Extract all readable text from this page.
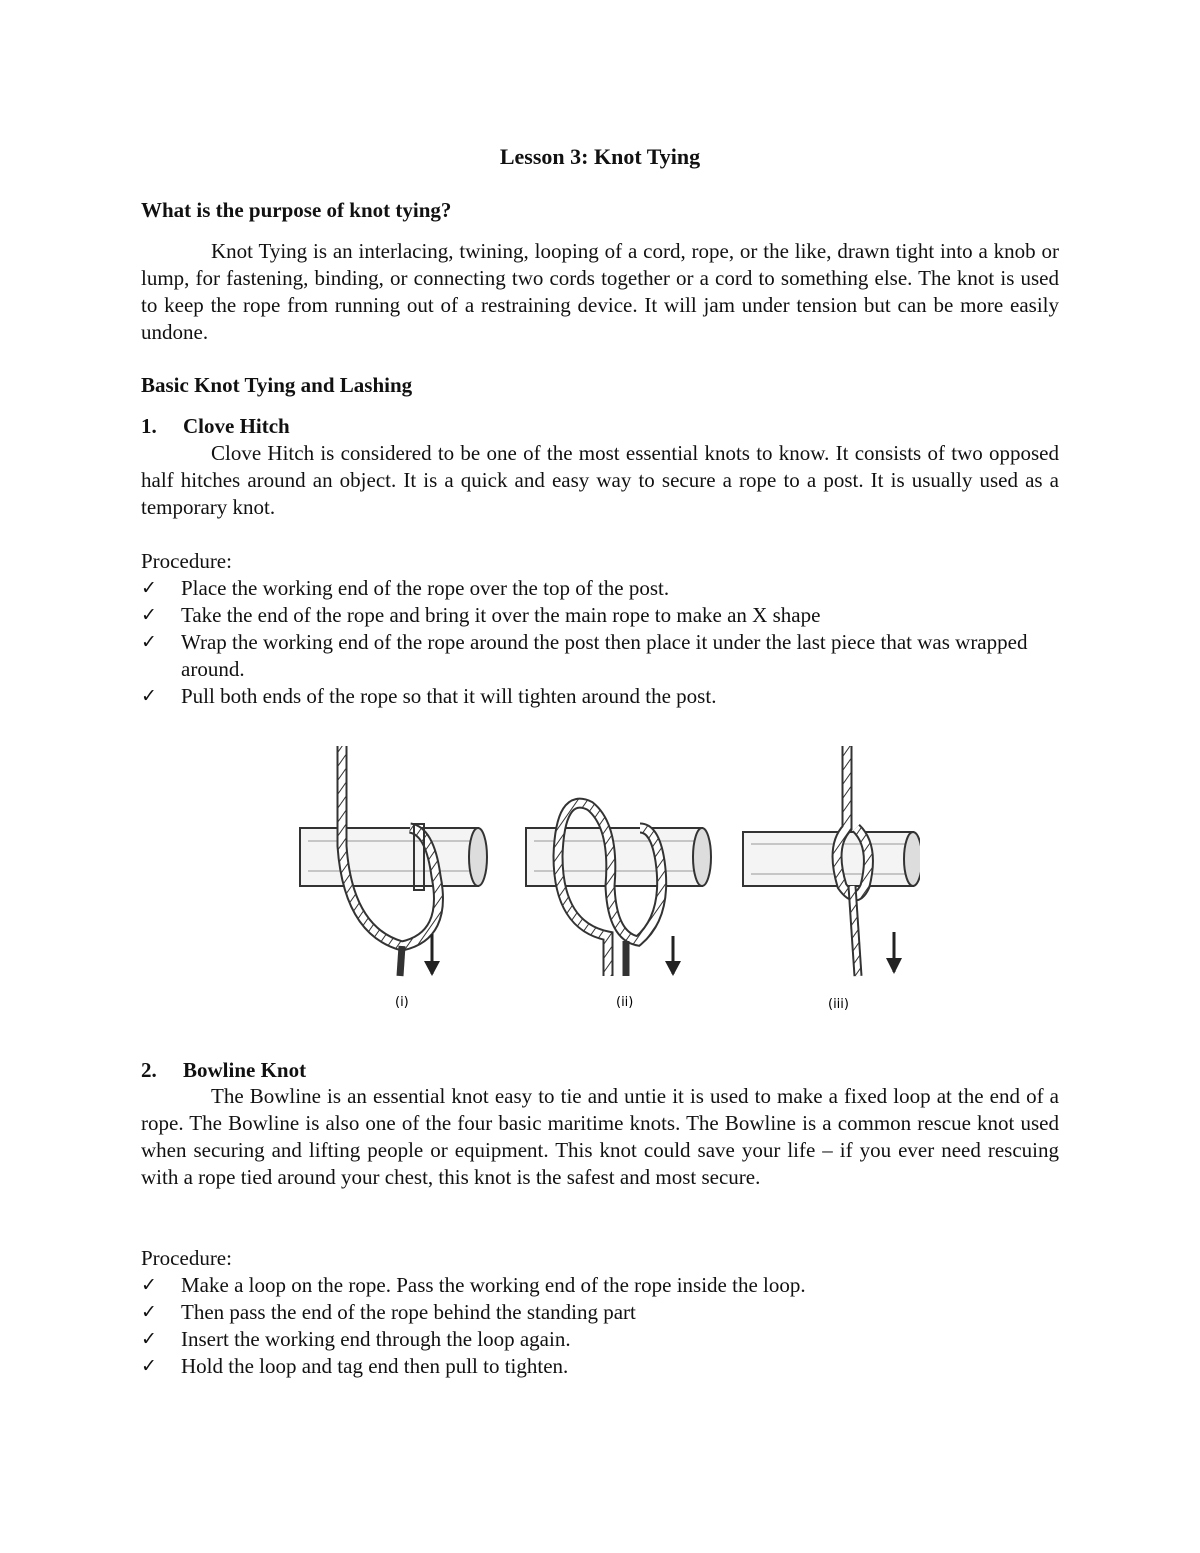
Lesson 3: Knot Tying
What is the purpose of knot tying?
Knot Tying is an interlacing, twining, looping of a cord, rope, or the like, drawn tight into a knob or lump, for fastening, binding, or connecting two cords together or a cord to something else. The knot is used to keep the rope from running out of a restraining device. It will jam under tension but can be more easily undone.
Basic Knot Tying and Lashing
1. Clove Hitch
Clove Hitch is considered to be one of the most essential knots to know. It consists of two opposed half hitches around an object. It is a quick and easy way to secure a rope to a post. It is usually used as a temporary knot.
Procedure:
✓ Place the working end of the rope over the top of the post.
✓ Take the end of the rope and bring it over the main rope to make an X shape
✓ Wrap the working end of the rope around the post then place it under the last piece that was wrapped around.
✓ Pull both ends of the rope so that it will tighten around the post.
(i)	(ii)	(iii)
2. Bowline Knot
The Bowline is an essential knot easy to tie and untie it is used to make a fixed loop at the end of a rope. The Bowline is also one of the four basic maritime knots. The Bowline is a common rescue knot used when securing and lifting people or equipment. This knot could save your life – if you ever need rescuing with a rope tied around your chest, this knot is the safest and most secure.
Procedure:
✓ Make a loop on the rope. Pass the working end of the rope inside the loop.
✓ Then pass the end of the rope behind the standing part
✓ Insert the working end through the loop again.
✓ Hold the loop and tag end then pull to tighten.
